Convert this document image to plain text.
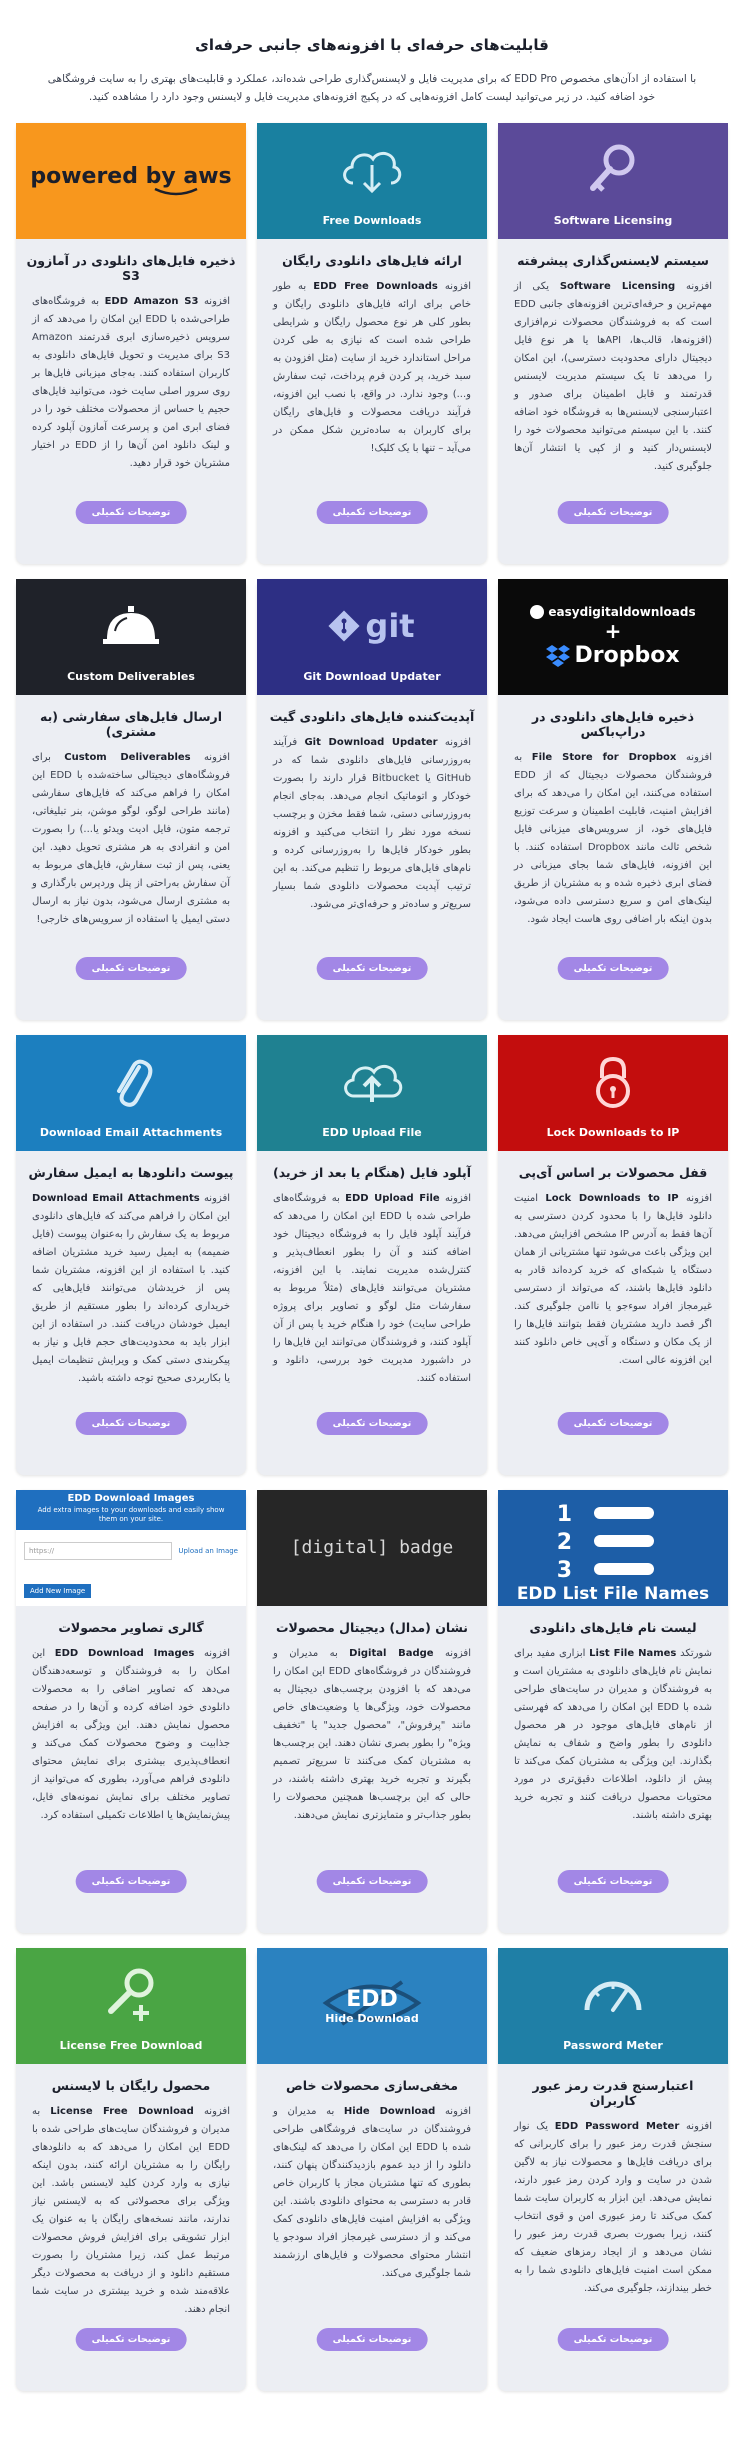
قابلیت‌های حرفه‌ای با افزونه‌های جانبی حرفه‌ای

با استفاده از ادآن‌های مخصوص EDD Pro که برای مدیریت فایل و لایسنس‌گذاری طراحی شده‌اند، عملکرد و قابلیت‌های بهتری را به سایت فروشگاهی خود اضافه کنید. در زیر می‌توانید لیست کامل افزونه‌هایی که در پکیج افزونه‌های مدیریت فایل و لایسنس وجود دارد را مشاهده کنید.

Software Licensing
سیستم لایسنس‌گذاری پیشرفته

افزونه Software Licensing یکی از مهم‌ترین و حرفه‌ای‌ترین افزونه‌های جانبی EDD است که به فروشندگان محصولات نرم‌افزاری (افزونه‌ها، قالب‌ها، APIها یا هر نوع فایل دیجیتال دارای محدودیت دسترسی)، این امکان را می‌دهد تا یک سیستم مدیریت لایسنس قدرتمند و قابل اطمینان برای صدور و اعتبارسنجی لایسنس‌ها به فروشگاه خود اضافه کنند. با این سیستم می‌توانید محصولات خود را لایسنس‌دار کنید و از کپی یا انتشار آن‌ها جلوگیری کنید.

توضیحات تکمیلی
Free Downloads
ارائه فایل‌های دانلودی رایگان

افزونه EDD Free Downloads به طور خاص برای ارائه فایل‌های دانلودی رایگان و بطور کلی هر نوع محصول رایگان و شرایطی طراحی شده است که نیازی به طی کردن مراحل استاندارد خرید از سایت (مثل افزودن به سبد خرید، پر کردن فرم پرداخت، ثبت سفارش و...) وجود ندارد. در واقع، با نصب این افزونه، فرآیند دریافت محصولات و فایل‌های رایگان برای کاربران به ساده‌ترین شکل ممکن در می‌آید – تنها با یک کلیک!

توضیحات تکمیلی
powered by aws
ذخیره فایل‌های دانلودی در آمازون S3

افزونه EDD Amazon S3 به فروشگاه‌های طراحی‌شده با EDD این امکان را می‌دهد که از سرویس ذخیره‌سازی ابری قدرتمند Amazon S3 برای مدیریت و تحویل فایل‌های دانلودی به کاربران استفاده کنند. به‌جای میزبانی فایل‌ها بر روی سرور اصلی سایت خود، می‌توانید فایل‌های حجیم یا حساس از محصولات مختلف خود را در فضای ابری امن و پرسرعت آمازون آپلود کرده و لینک دانلود امن آن‌ها را از EDD در اختیار مشتریان خود قرار دهید.

توضیحات تکمیلی
easydigitaldownloads
+
Dropbox
ذخیره فایل‌های دانلودی در دراپ‌باکس

افزونه File Store for Dropbox به فروشندگان محصولات دیجیتال که از EDD استفاده می‌کنند، این امکان را می‌دهد که برای افزایش امنیت، قابلیت اطمینان و سرعت توزیع فایل‌های خود، از سرویس‌های میزبانی فایل شخص ثالث مانند Dropbox استفاده کنند. با این افزونه، فایل‌های شما بجای میزبانی در فضای ابری ذخیره شده و به مشتریان از طریق لینک‌های امن و سریع دسترسی داده می‌شود، بدون اینکه بار اضافی روی هاست ایجاد شود.

توضیحات تکمیلی
git
Git Download Updater
آپدیت‌کننده فایل‌های دانلودی گیت

افزونه Git Download Updater فرآیند به‌روزرسانی فایل‌های دانلودی شما که در GitHub یا Bitbucket قرار دارند را بصورت خودکار و اتوماتیک انجام می‌دهد. به‌جای انجام به‌روزرسانی دستی، شما فقط مخزن و برچسب نسخه مورد نظر را انتخاب می‌کنید و افزونه بطور خودکار فایل‌ها را به‌روزرسانی کرده و نام‌های فایل‌های مربوط را تنظیم می‌کند. به این ترتیب آپدیت محصولات دانلودی شما بسیار سریع‌تر و ساده‌تر و حرفه‌ای‌تر می‌شود.

توضیحات تکمیلی
Custom Deliverables
ارسال فایل‌های سفارشی (به مشتری)

افزونه Custom Deliverables برای فروشگاه‌های دیجیتالی ساخته‌شده با EDD این امکان را فراهم می‌کند که فایل‌های سفارشی (مانند طراحی لوگو، لوگو موشن، بنر تبلیغاتی، ترجمه متون، فایل ادیت ویدئو یا...) را بصورت امن و انفرادی به هر مشتری تحویل دهید. این یعنی، پس از ثبت سفارش، فایل‌های مربوط به آن سفارش به‌راحتی از پنل وردپرس بارگذاری و به مشتری ارسال می‌شود، بدون نیاز به ارسال دستی ایمیل یا استفاده از سرویس‌های خارجی!

توضیحات تکمیلی
Lock Downloads to IP
قفل محصولات بر اساس آی‌پی

افزونه Lock Downloads to IP امنیت دانلود فایل‌ها را با محدود کردن دسترسی به آن‌ها فقط به آدرس IP مشخص افزایش می‌دهد. این ویژگی باعث می‌شود تنها مشتریانی از همان دستگاه یا شبکه‌ای که خرید کرده‌اند قادر به دانلود فایل‌ها باشند، که می‌تواند از دسترسی غیرمجاز افراد سوءجو یا ناامن جلوگیری کند. اگر قصد دارید مشتریان فقط بتوانند فایل‌ها را از یک مکان و دستگاه و آی‌پی خاص دانلود کنند این افزونه عالی است.

توضیحات تکمیلی
EDD Upload File
آپلود فایل (هنگام یا بعد از خرید)

افزونه EDD Upload File به فروشگاه‌های طراحی شده با EDD این امکان را می‌دهد که فرآیند آپلود فایل را به فروشگاه دیجیتال خود اضافه کنند و آن را بطور انعطاف‌پذیر و کنترل‌شده مدیریت نمایند. با این افزونه، مشتریان می‌توانند فایل‌های (مثلاً مربوط به سفارشات مثل لوگو و تصاویر برای پروژه طراحی سایت) خود را هنگام خرید یا پس از آن آپلود کنند، و فروشندگان می‌توانند این فایل‌ها را در داشبورد مدیریت خود بررسی، دانلود و استفاده کنند.

توضیحات تکمیلی
Download Email Attachments
پیوست دانلودها به ایمیل سفارش

افزونه Download Email Attachments این امکان را فراهم می‌کند که فایل‌های دانلودی مربوط به یک سفارش را به‌عنوان پیوست (فایل ضمیمه) به ایمیل رسید خرید مشتریان اضافه کنید. با استفاده از این افزونه، مشتریان شما پس از خریدشان می‌توانند فایل‌هایی که خریداری کرده‌اند را بطور مستقیم از طریق ایمیل خودشان دریافت کنند. در استفاده از این ابزار باید به محدودیت‌های حجم فایل و نیاز به پیکربندی دستی کمک و ویرایش تنظیمات ایمیل یا بکاربردی صحیح توجه داشته باشید.

توضیحات تکمیلی
1
2
3
EDD List File Names
لیست نام فایل‌های دانلودی

شورتکد List File Names ابزاری مفید برای نمایش نام فایل‌های دانلودی به مشتریان است و به فروشندگان و مدیران در سایت‌های طراحی شده با EDD این امکان را می‌دهد که فهرستی از نام‌های فایل‌های موجود در هر محصول دانلودی را بطور واضح و شفاف به نمایش بگذارند. این ویژگی به مشتریان کمک می‌کند تا پیش از دانلود، اطلاعات دقیق‌تری در مورد محتویات محصول دریافت کنند و تجربه خرید بهتری داشته باشند.

توضیحات تکمیلی
[digital] badge
نشان (مدال) دیجیتال محصولات

افزونه Digital Badge به مدیران و فروشندگان در فروشگاه‌های EDD این امکان را می‌دهد که با افزودن برچسب‌های دیجیتال به محصولات خود، ویژگی‌ها یا وضعیت‌های خاص مانند "پرفروش"، "محصول جدید" یا "تخفیف ویژه" را بطور بصری نشان دهند. این برچسب‌ها به مشتریان کمک می‌کنند تا سریع‌تر تصمیم بگیرند و تجربه خرید بهتری داشته باشند، در حالی که این برچسب‌ها همچنین محصولات را بطور جذاب‌تر و متمایزتری نمایش می‌دهند.

توضیحات تکمیلی
EDD Download Images
Add extra images to your downloads and easily show them on your site.
https://	Upload an Image
Add New Image
گالری تصاویر محصولات

افزونه EDD Download Images این امکان را به فروشندگان و توسعه‌دهندگان می‌دهد که تصاویر اضافی را به محصولات دانلودی خود اضافه کرده و آن‌ها را در صفحه محصول نمایش دهند. این ویژگی به افزایش جذابیت و وضوح محصولات کمک می‌کند و انعطاف‌پذیری بیشتری برای نمایش محتوای دانلودی فراهم می‌آورد، بطوری که می‌توانید از تصاویر مختلف برای نمایش نمونه‌های فایل، پیش‌نمایش‌ها یا اطلاعات تکمیلی استفاده کرد.

توضیحات تکمیلی
Password Meter
اعتبارسنج قدرت رمز عبور کاربران

افزونه EDD Password Meter یک نوار سنجش قدرت رمز عبور را برای کاربرانی که برای دریافت فایل‌ها و محصولات نیاز به لاگین شدن در سایت و وارد کردن رمز عبور دارند، نمایش می‌دهد. این ابزار به کاربران سایت شما کمک می‌کند تا رمز عبوری امن و قوی انتخاب کنند، زیرا بصورت بصری قدرت رمز عبور را نشان می‌دهد و از ایجاد رمزهای ضعیف که ممکن است امنیت فایل‌های دانلودی شما را به خطر بیندازند، جلوگیری می‌کند.

توضیحات تکمیلی
EDD
Hide Download
مخفی‌سازی محصولات خاص

افزونه Hide Download به مدیران و فروشندگان در سایت‌های فروشگاهی طراحی شده با EDD این امکان را می‌دهد که لینک‌های دانلود را از دید عموم بازدیدکنندگان پنهان کنند، بطوری که تنها مشتریان مجاز یا کاربران خاص قادر به دسترسی به محتوای دانلودی باشند. این ویژگی به افزایش امنیت فایل‌های دانلودی کمک می‌کند و از دسترسی غیرمجاز افراد سودجو یا انتشار محتوای محصولات و فایل‌های ارزشمند شما جلوگیری می‌کند.

توضیحات تکمیلی
License Free Download
محصول رایگان با لایسنس

افزونه License Free Download به مدیران و فروشندگان سایت‌های طراحی شده با EDD این امکان را می‌دهد که به دانلودهای رایگان را به مشتریان ارائه کنند، بدون اینکه نیازی به وارد کردن کلید لایسنس باشد. این ویژگی برای محصولاتی که به لایسنس نیاز ندارند، مانند نسخه‌های رایگان یا به عنوان یک ابزار تشویقی برای افزایش فروش محصولات مرتبط عمل کند، زیرا مشتریان را بصورت مستقیم دانلود و از دریافت به محصولات دیگر علاقه‌مند شده و خرید بیشتری در سایت شما انجام دهند.

توضیحات تکمیلی
